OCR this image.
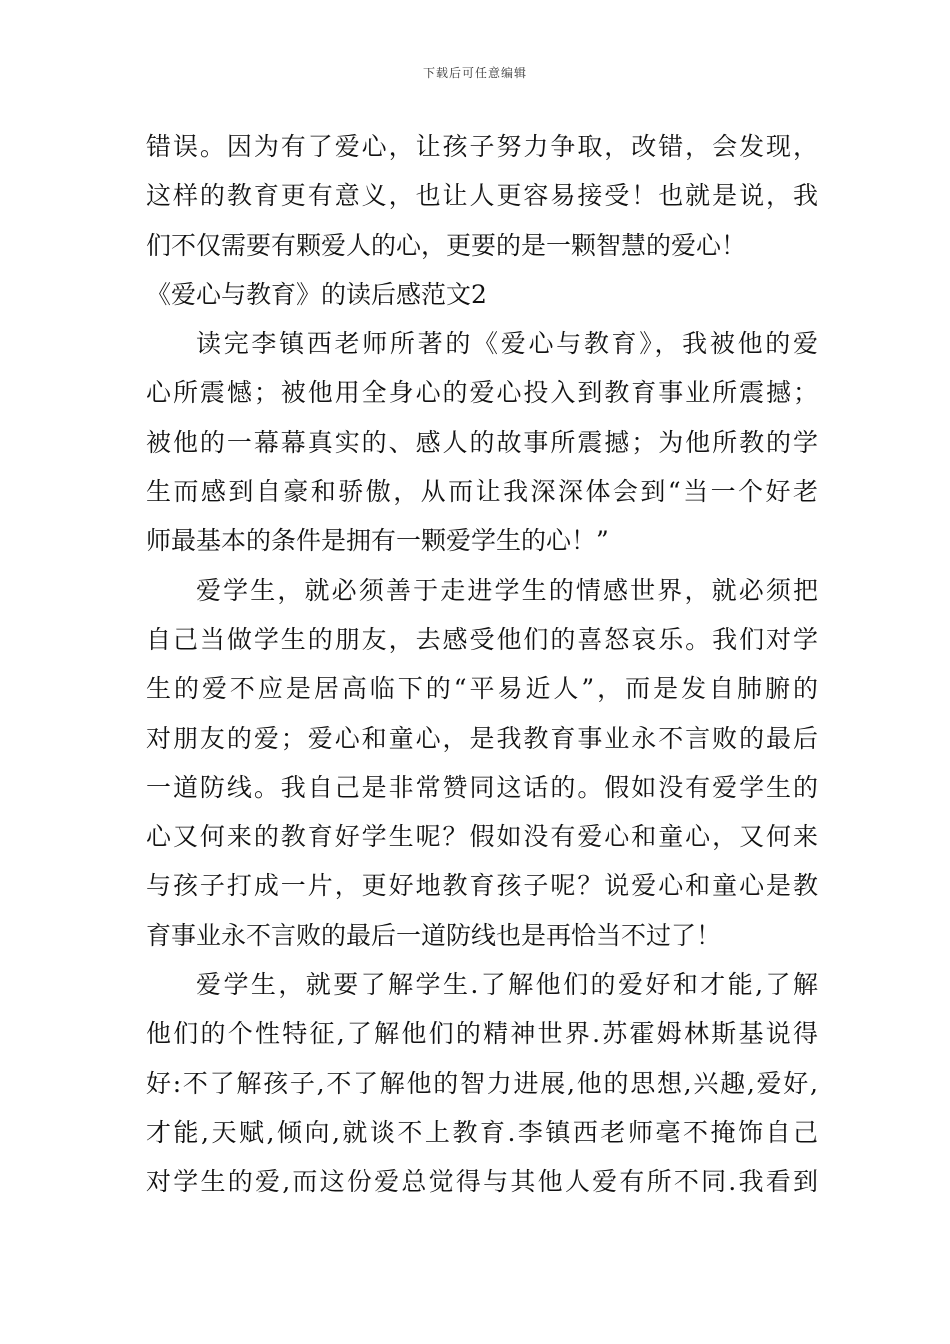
下载后可任意编辑
错误。因为有了爱心，让孩子努力争取，改错，会发现，
这样的教育更有意义，也让人更容易接受！也就是说，我
们不仅需要有颗爱人的心，更要的是一颗智慧的爱心！
《爱心与教育》的读后感范文2
读完李镇西老师所著的《爱心与教育》，我被他的爱
心所震憾；被他用全身心的爱心投入到教育事业所震撼；
被他的一幕幕真实的、感人的故事所震撼；为他所教的学
生而感到自豪和骄傲，从而让我深深体会到“当一个好老
师最基本的条件是拥有一颗爱学生的心！”
爱学生，就必须善于走进学生的情感世界，就必须把
自己当做学生的朋友，去感受他们的喜怒哀乐。我们对学
生的爱不应是居高临下的“平易近人”，而是发自肺腑的
对朋友的爱；爱心和童心，是我教育事业永不言败的最后
一道防线。我自己是非常赞同这话的。假如没有爱学生的
心又何来的教育好学生呢？假如没有爱心和童心，又何来
与孩子打成一片，更好地教育孩子呢？说爱心和童心是教
育事业永不言败的最后一道防线也是再恰当不过了！
爱学生，就要了解学生.了解他们的爱好和才能,了解
他们的个性特征,了解他们的精神世界.苏霍姆林斯基说得
好:不了解孩子,不了解他的智力进展,他的思想,兴趣,爱好,
才能,天赋,倾向,就谈不上教育.李镇西老师毫不掩饰自己
对学生的爱,而这份爱总觉得与其他人爱有所不同.我看到
